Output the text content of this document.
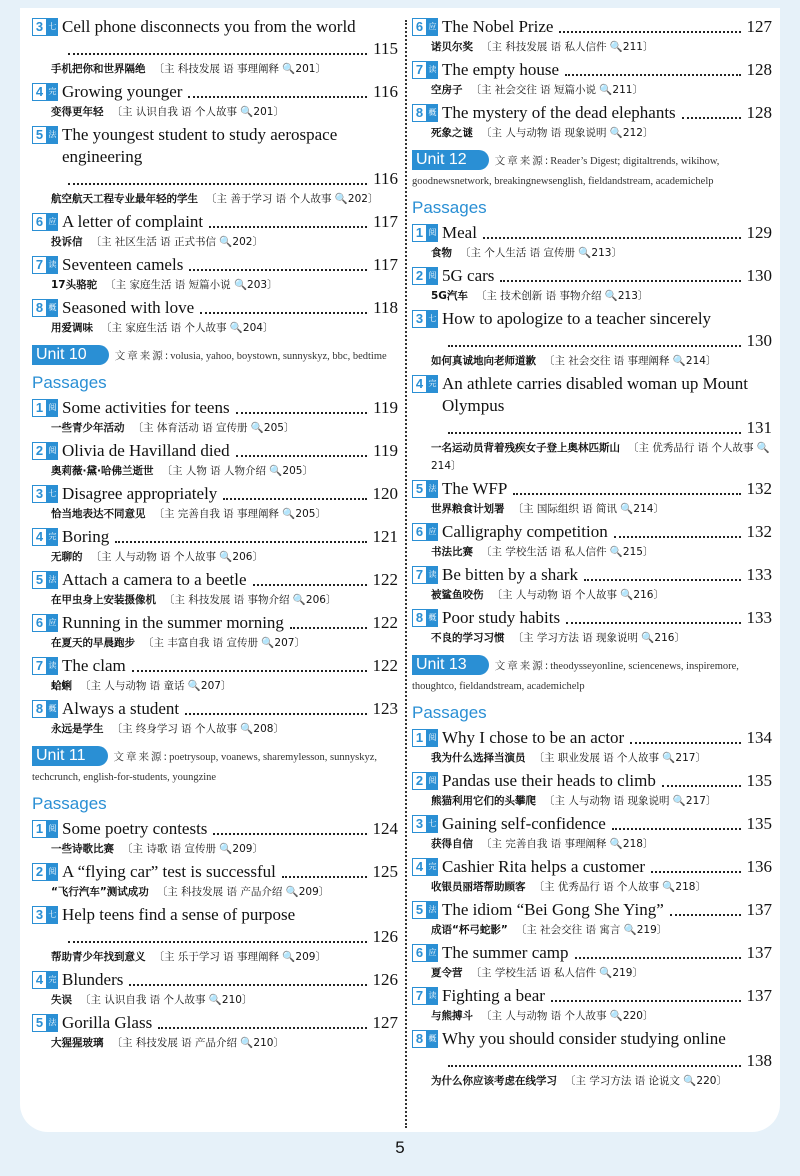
3 七 Cell phone disconnects you from the world
115
手机把你和世界隔绝 〔主 科技发展 语 事理阐释 🔍201〕
4 完 Growing younger	116
变得更年轻 〔主 认识自我 语 个人故事 🔍201〕
5 法 The youngest student to study aerospace engineering
116
航空航天工程专业最年轻的学生 〔主 善于学习 语 个人故事 🔍202〕
6 应 A letter of complaint	117
投诉信 〔主 社区生活 语 正式书信 🔍202〕
7 读 Seventeen camels	117
17头骆驼 〔主 家庭生活 语 短篇小说 🔍203〕
8 概 Seasoned with love	118
用爱调味 〔主 家庭生活 语 个人故事 🔍204〕
Unit 10	文章来源:volusia, yahoo, boystown, sunnyskyz, bbc, bedtime
Passages
1 阅 Some activities for teens	119
一些青少年活动 〔主 体育活动 语 宣传册 🔍205〕
2 阅 Olivia de Havilland died	119
奥莉薇·黛·哈佛兰逝世 〔主 人物 语 人物介绍 🔍205〕
3 七 Disagree appropriately	120
恰当地表达不同意见 〔主 完善自我 语 事理阐释 🔍205〕
4 完 Boring	121
无聊的 〔主 人与动物 语 个人故事 🔍206〕
5 法 Attach a camera to a beetle	122
在甲虫身上安装摄像机 〔主 科技发展 语 事物介绍 🔍206〕
6 应 Running in the summer morning	122
在夏天的早晨跑步 〔主 丰富自我 语 宣传册 🔍207〕
7 读 The clam	122
蛤蜊 〔主 人与动物 语 童话 🔍207〕
8 概 Always a student	123
永远是学生 〔主 终身学习 语 个人故事 🔍208〕
Unit 11	文章来源:poetrysoup, voanews, sharemylesson, sunnyskyz, techcrunch, english-for-students, youngzine
Passages
1 阅 Some poetry contests	124
一些诗歌比赛 〔主 诗歌 语 宣传册 🔍209〕
2 阅 A “flying car” test is successful	125
“飞行汽车”测试成功 〔主 科技发展 语 产品介绍 🔍209〕
3 七 Help teens find a sense of purpose
126
帮助青少年找到意义 〔主 乐于学习 语 事理阐释 🔍209〕
4 完 Blunders	126
失误 〔主 认识自我 语 个人故事 🔍210〕
5 法 Gorilla Glass	127
大猩猩玻璃 〔主 科技发展 语 产品介绍 🔍210〕
6 应 The Nobel Prize	127
诺贝尔奖 〔主 科技发展 语 私人信件 🔍211〕
7 读 The empty house	128
空房子 〔主 社会交往 语 短篇小说 🔍211〕
8 概 The mystery of the dead elephants	128
死象之谜 〔主 人与动物 语 现象说明 🔍212〕
Unit 12	文章来源:Reader’s Digest; digitaltrends, wikihow, goodnewsnetwork, breakingnewsenglish, fieldandstream, academichelp
Passages
1 阅 Meal	129
食物 〔主 个人生活 语 宣传册 🔍213〕
2 阅 5G cars	130
5G汽车 〔主 技术创新 语 事物介绍 🔍213〕
3 七 How to apologize to a teacher sincerely
130
如何真诚地向老师道歉 〔主 社会交往 语 事理阐释 🔍214〕
4 完 An athlete carries disabled woman up Mount Olympus
131
一名运动员背着残疾女子登上奥林匹斯山 〔主 优秀品行 语 个人故事 🔍214〕
5 法 The WFP	132
世界粮食计划署 〔主 国际组织 语 简讯 🔍214〕
6 应 Calligraphy competition	132
书法比赛 〔主 学校生活 语 私人信件 🔍215〕
7 读 Be bitten by a shark	133
被鲨鱼咬伤 〔主 人与动物 语 个人故事 🔍216〕
8 概 Poor study habits	133
不良的学习习惯 〔主 学习方法 语 现象说明 🔍216〕
Unit 13	文章来源:theodysseyonline, sciencenews, inspiremore, thoughtco, fieldandstream, academichelp
Passages
1 阅 Why I chose to be an actor	134
我为什么选择当演员 〔主 职业发展 语 个人故事 🔍217〕
2 阅 Pandas use their heads to climb	135
熊猫利用它们的头攀爬 〔主 人与动物 语 现象说明 🔍217〕
3 七 Gaining self-confidence	135
获得自信 〔主 完善自我 语 事理阐释 🔍218〕
4 完 Cashier Rita helps a customer	136
收银员丽塔帮助顾客 〔主 优秀品行 语 个人故事 🔍218〕
5 法 The idiom “Bei Gong She Ying”	137
成语“杯弓蛇影” 〔主 社会交往 语 寓言 🔍219〕
6 应 The summer camp	137
夏令营 〔主 学校生活 语 私人信件 🔍219〕
7 读 Fighting a bear	137
与熊搏斗 〔主 人与动物 语 个人故事 🔍220〕
8 概 Why you should consider studying online
138
为什么你应该考虑在线学习 〔主 学习方法 语 论说文 🔍220〕
5
